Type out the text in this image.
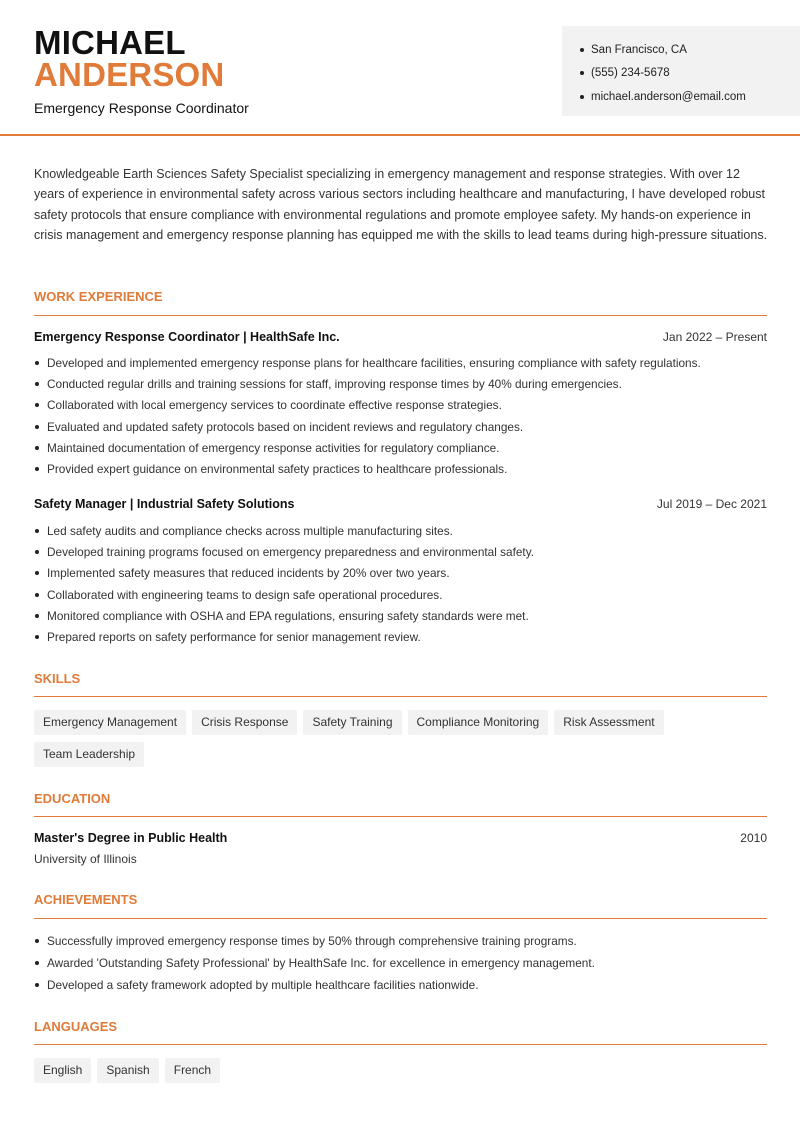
MICHAEL
ANDERSON
Emergency Response Coordinator
San Francisco, CA
(555) 234-5678
michael.anderson@email.com

Knowledgeable Earth Sciences Safety Specialist specializing in emergency management and response strategies. With over 12 years of experience in environmental safety across various sectors including healthcare and manufacturing, I have developed robust safety protocols that ensure compliance with environmental regulations and promote employee safety. My hands-on experience in crisis management and emergency response planning has equipped me with the skills to lead teams during high-pressure situations.

WORK EXPERIENCE
Emergency Response Coordinator | HealthSafe Inc.	Jan 2022 – Present
Developed and implemented emergency response plans for healthcare facilities, ensuring compliance with safety regulations.
Conducted regular drills and training sessions for staff, improving response times by 40% during emergencies.
Collaborated with local emergency services to coordinate effective response strategies.
Evaluated and updated safety protocols based on incident reviews and regulatory changes.
Maintained documentation of emergency response activities for regulatory compliance.
Provided expert guidance on environmental safety practices to healthcare professionals.
Safety Manager | Industrial Safety Solutions	Jul 2019 – Dec 2021
Led safety audits and compliance checks across multiple manufacturing sites.
Developed training programs focused on emergency preparedness and environmental safety.
Implemented safety measures that reduced incidents by 20% over two years.
Collaborated with engineering teams to design safe operational procedures.
Monitored compliance with OSHA and EPA regulations, ensuring safety standards were met.
Prepared reports on safety performance for senior management review.
SKILLS
Emergency Management	Crisis Response	Safety Training	Compliance Monitoring	Risk Assessment
Team Leadership
EDUCATION
Master's Degree in Public Health	2010
University of Illinois
ACHIEVEMENTS
Successfully improved emergency response times by 50% through comprehensive training programs.
Awarded 'Outstanding Safety Professional' by HealthSafe Inc. for excellence in emergency management.
Developed a safety framework adopted by multiple healthcare facilities nationwide.
LANGUAGES
English	Spanish	French
